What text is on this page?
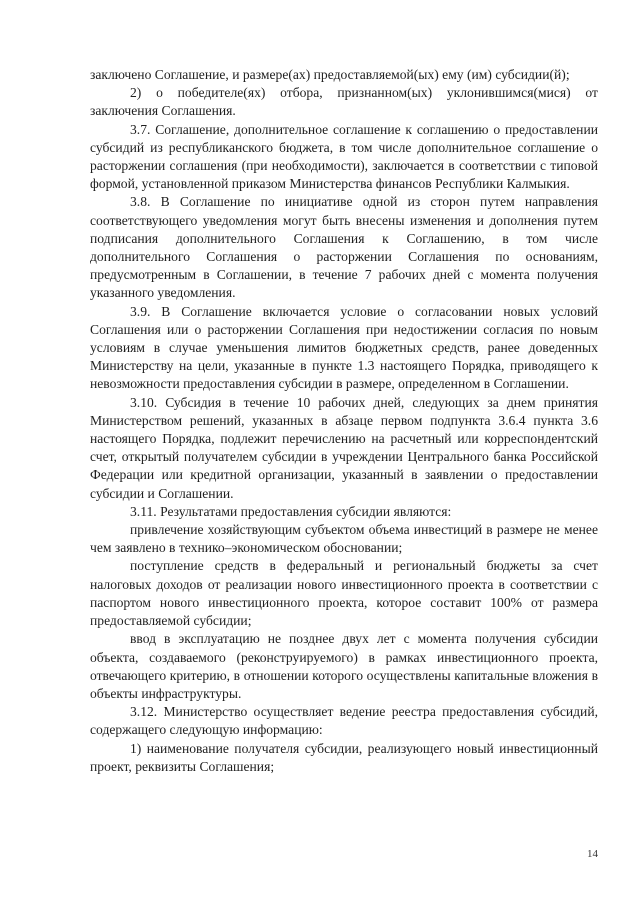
заключено Соглашение, и размере(ах) предоставляемой(ых) ему (им) субсидии(й);

2) о победителе(ях) отбора, признанном(ых) уклонившимся(мися) от заключения Соглашения.

3.7. Соглашение, дополнительное соглашение к соглашению о предоставлении субсидий из республиканского бюджета, в том числе дополнительное соглашение о расторжении соглашения (при необходимости), заключается в соответствии с типовой формой, установленной приказом Министерства финансов Республики Калмыкия.

3.8. В Соглашение по инициативе одной из сторон путем направления соответствующего уведомления могут быть внесены изменения и дополнения путем подписания дополнительного Соглашения к Соглашению, в том числе дополнительного Соглашения о расторжении Соглашения по основаниям, предусмотренным в Соглашении, в течение 7 рабочих дней с момента получения указанного уведомления.

3.9. В Соглашение включается условие о согласовании новых условий Соглашения или о расторжении Соглашения при недостижении согласия по новым условиям в случае уменьшения лимитов бюджетных средств, ранее доведенных Министерству на цели, указанные в пункте 1.3 настоящего Порядка, приводящего к невозможности предоставления субсидии в размере, определенном в Соглашении.

3.10. Субсидия в течение 10 рабочих дней, следующих за днем принятия Министерством решений, указанных в абзаце первом подпункта 3.6.4 пункта 3.6 настоящего Порядка, подлежит перечислению на расчетный или корреспондентский счет, открытый получателем субсидии в учреждении Центрального банка Российской Федерации или кредитной организации, указанный в заявлении о предоставлении субсидии и Соглашении.

3.11. Результатами предоставления субсидии являются:

привлечение хозяйствующим субъектом объема инвестиций в размере не менее чем заявлено в технико–экономическом обосновании;

поступление средств в федеральный и региональный бюджеты за счет налоговых доходов от реализации нового инвестиционного проекта в соответствии с паспортом нового инвестиционного проекта, которое составит 100% от размера предоставляемой субсидии;

ввод в эксплуатацию не позднее двух лет с момента получения субсидии объекта, создаваемого (реконструируемого) в рамках инвестиционного проекта, отвечающего критерию, в отношении которого осуществлены капитальные вложения в объекты инфраструктуры.

3.12. Министерство осуществляет ведение реестра предоставления субсидий, содержащего следующую информацию:

1) наименование получателя субсидии, реализующего новый инвестиционный проект, реквизиты Соглашения;

14
